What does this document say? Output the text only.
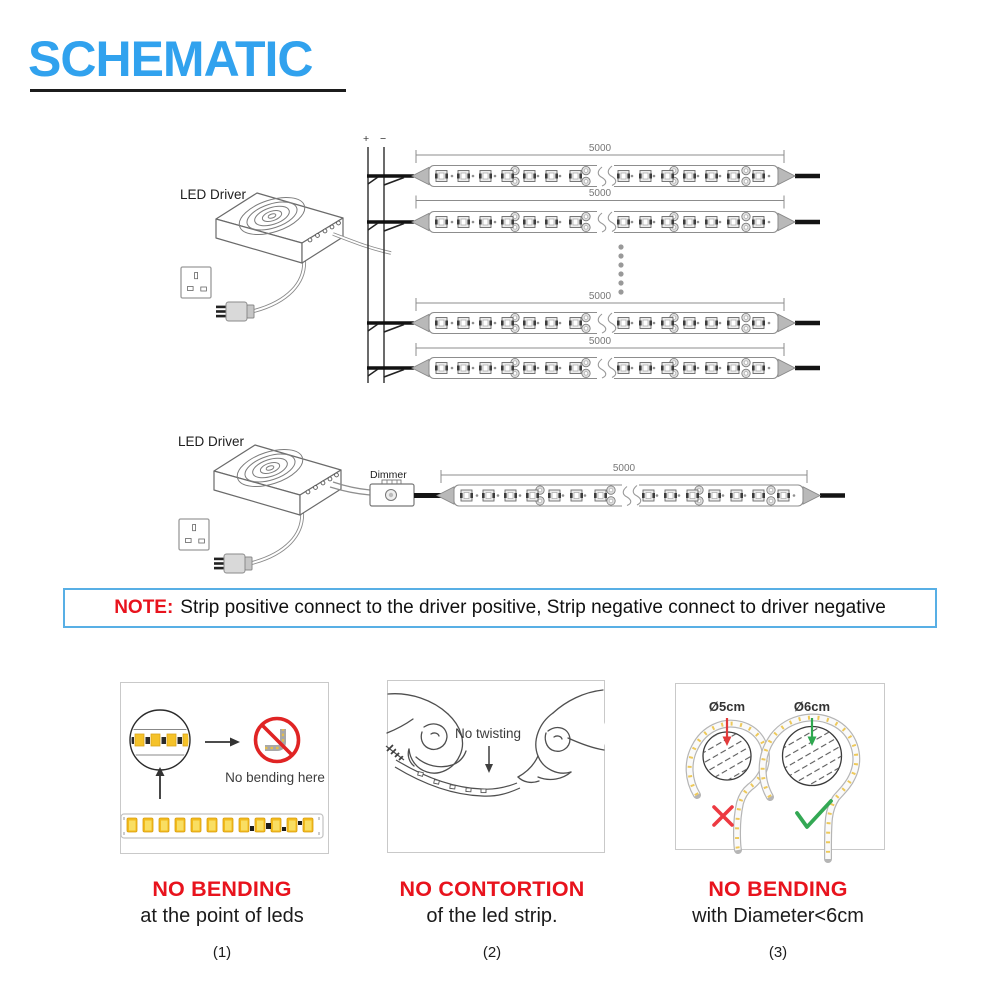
SCHEMATIC
LED Driver
+ −
5000
5000
5000
5000
LED Driver
Dimmer
5000
NOTE: Strip positive connect to the driver positive, Strip negative connect to driver negative
No bending here
No twisting
Ø5cm	Ø6cm
NO BENDING
at the point of leds
(1)
NO CONTORTION
of the led strip.
(2)
NO BENDING
with Diameter<6cm
(3)
